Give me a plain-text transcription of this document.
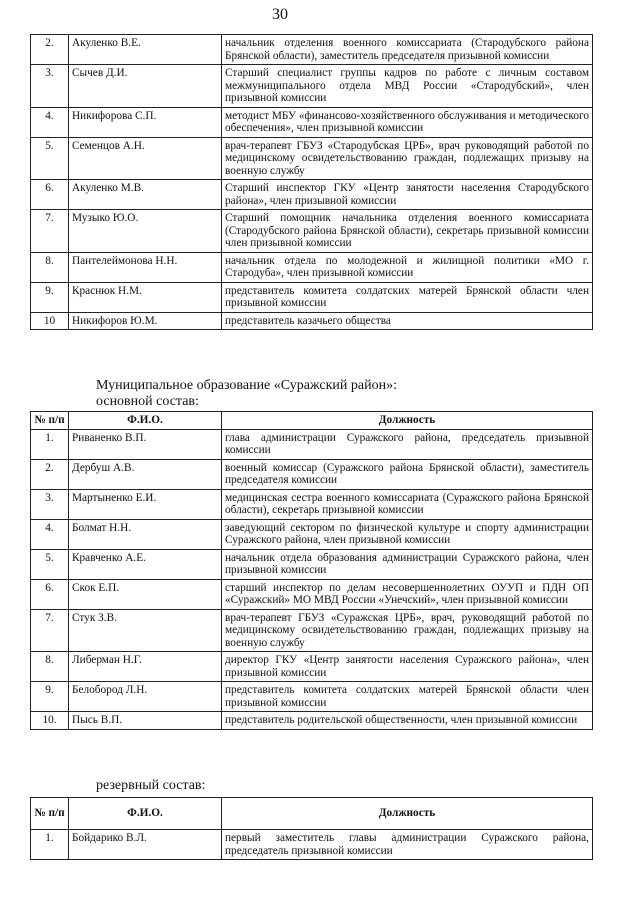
30
2.	Акуленко В.Е.	начальник отделения военного комиссариата (Стародубского района Брянской области), заместитель председателя призывной комиссии
3.	Сычев Д.И.	Старший специалист группы кадров по работе с личным составом межмуниципального отдела МВД России «Стародубский», член призывной комиссии
4.	Никифорова С.П.	методист МБУ «финансово-хозяйственного обслуживания и методического обеспечения», член призывной комиссии
5.	Семенцов А.Н.	врач-терапевт ГБУЗ «Стародубская ЦРБ», врач руководящий работой по медицинскому освидетельствованию граждан, подлежащих призыву на военную службу
6.	Акуленко М.В.	Старший инспектор ГКУ «Центр занятости населения Стародубского района», член призывной комиссии
7.	Музыко Ю.О.	Старший помощник начальника отделения военного комиссариата (Стародубского района Брянской области), секретарь призывной комиссии член призывной комиссии
8.	Пантелеймонова Н.Н.	начальник отдела по молодежной и жилищной политики «МО г. Стародуба», член призывной комиссии
9.	Краснюк Н.М.	представитель комитета солдатских матерей Брянской области член призывной комиссии
10	Никифоров Ю.М.	представитель казачьего общества
Муниципальное образование «Суражский район»:
основной состав:
№ п/п	Ф.И.О.	Должность
1.	Риваненко В.П.	глава администрации Суражского района, председатель призывной комиссии
2.	Дербуш А.В.	военный комиссар (Суражского района Брянской области), заместитель председателя комиссии
3.	Мартыненко Е.И.	медицинская сестра военного комиссариата (Суражского района Брянской области), секретарь призывной комиссии
4.	Болмат Н.Н.	заведующий сектором по физической культуре и спорту администрации Суражского района, член призывной комиссии
5.	Кравченко А.Е.	начальник отдела образования администрации Суражского района, член призывной комиссии
6.	Скок Е.П.	старший инспектор по делам несовершеннолетних ОУУП и ПДН ОП «Суражский» МО МВД России «Унечский», член призывной комиссии
7.	Стук З.В.	врач-терапевт ГБУЗ «Суражская ЦРБ», врач, руководящий работой по медицинскому освидетельствованию граждан, подлежащих призыву на военную службу
8.	Либерман Н.Г.	директор ГКУ «Центр занятости населения Суражского района», член призывной комиссии
9.	Белобород Л.Н.	представитель комитета солдатских матерей Брянской области член призывной комиссии
10.	Пысь В.П.	представитель родительской общественности, член призывной комиссии
резервный состав:
№ п/п	Ф.И.О.	Должность
1.	Бойдарико В.Л.	первый заместитель главы администрации Суражского района, председатель призывной комиссии
